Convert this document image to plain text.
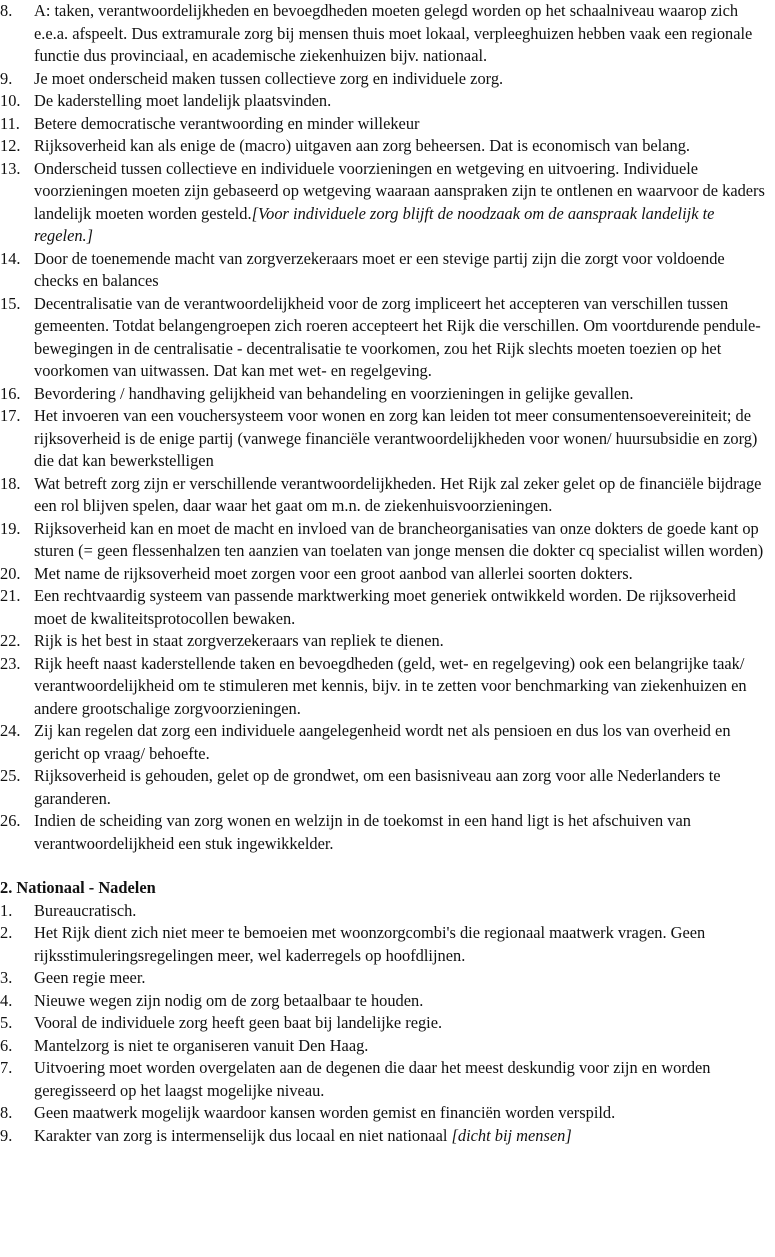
8.	A: taken, verantwoordelijkheden en bevoegdheden moeten gelegd worden op het schaalniveau waarop zich e.e.a. afspeelt. Dus extramurale zorg bij mensen thuis moet lokaal, verpleeghuizen hebben vaak een regionale functie dus provinciaal, en academische ziekenhuizen bijv. nationaal.
9.	Je moet onderscheid maken tussen collectieve zorg en individuele zorg.
10. De kaderstelling moet landelijk plaatsvinden.
11. Betere democratische verantwoording en minder willekeur
12. Rijksoverheid kan als enige de (macro) uitgaven aan zorg beheersen. Dat is economisch van belang.
13. Onderscheid tussen collectieve en individuele voorzieningen en wetgeving en uitvoering. Individuele voorzieningen moeten zijn gebaseerd op wetgeving waaraan aanspraken zijn te ontlenen en waarvoor de kaders landelijk moeten worden gesteld.[Voor individuele zorg blijft de noodzaak om de aanspraak landelijk te regelen.]
14. Door de toenemende macht van zorgverzekeraars moet er een stevige partij zijn die zorgt voor voldoende checks en balances
15. Decentralisatie van de verantwoordelijkheid voor de zorg impliceert het accepteren van verschillen tussen gemeenten. Totdat belangengroepen zich roeren accepteert het Rijk die verschillen. Om voortdurende pendule- bewegingen in de centralisatie - decentralisatie te voorkomen, zou het Rijk slechts moeten toezien op het voorkomen van uitwassen. Dat kan met wet- en regelgeving.
16. Bevordering / handhaving gelijkheid van behandeling en voorzieningen in gelijke gevallen.
17. Het invoeren van een vouchersysteem voor wonen en zorg kan leiden tot meer consumentensoevereiniteit; de rijksoverheid is de enige partij (vanwege financiële verantwoordelijkheden voor wonen/ huursubsidie en zorg) die dat kan bewerkstelligen
18. Wat betreft zorg zijn er verschillende verantwoordelijkheden. Het Rijk zal zeker gelet op de financiële bijdrage een rol blijven spelen, daar waar het gaat om m.n. de ziekenhuisvoorzieningen.
19. Rijksoverheid kan en moet de macht en invloed van de brancheorganisaties van onze dokters de goede kant op sturen (= geen flessenhalzen ten aanzien van toelaten van jonge mensen die dokter cq specialist willen worden)
20. Met name de rijksoverheid moet zorgen voor een groot aanbod van allerlei soorten dokters.
21. Een rechtvaardig systeem van passende marktwerking moet generiek ontwikkeld worden. De rijksoverheid moet de kwaliteitsprotocollen bewaken.
22. Rijk is het best in staat zorgverzekeraars van repliek te dienen.
23. Rijk heeft naast kaderstellende taken en bevoegdheden (geld, wet- en regelgeving) ook een belangrijke taak/ verantwoordelijkheid om te stimuleren met kennis, bijv. in te zetten voor benchmarking van ziekenhuizen en andere grootschalige zorgvoorzieningen.
24. Zij kan regelen dat zorg een individuele aangelegenheid wordt net als pensioen en dus los van overheid en gericht op vraag/ behoefte.
25. Rijksoverheid is gehouden, gelet op de grondwet, om een basisniveau aan zorg voor alle Nederlanders te garanderen.
26. Indien de scheiding van zorg wonen en welzijn in de toekomst in een hand ligt is het afschuiven van verantwoordelijkheid een stuk ingewikkelder.
2. Nationaal - Nadelen
1.	Bureaucratisch.
2.	Het Rijk dient zich niet meer te bemoeien met woonzorgcombi's die regionaal maatwerk vragen. Geen rijksstimuleringsregelingen meer, wel kaderregels op hoofdlijnen.
3.	Geen regie meer.
4.	Nieuwe wegen zijn nodig om de zorg betaalbaar te houden.
5.	Vooral de individuele zorg heeft geen baat bij landelijke regie.
6.	Mantelzorg is niet te organiseren vanuit Den Haag.
7.	Uitvoering moet worden overgelaten aan de degenen die daar het meest deskundig voor zijn en worden geregisseerd op het laagst mogelijke niveau.
8.	Geen maatwerk mogelijk waardoor kansen worden gemist en financiën worden verspild.
9.	Karakter van zorg is intermenselijk dus locaal en niet nationaal [dicht bij mensen]
